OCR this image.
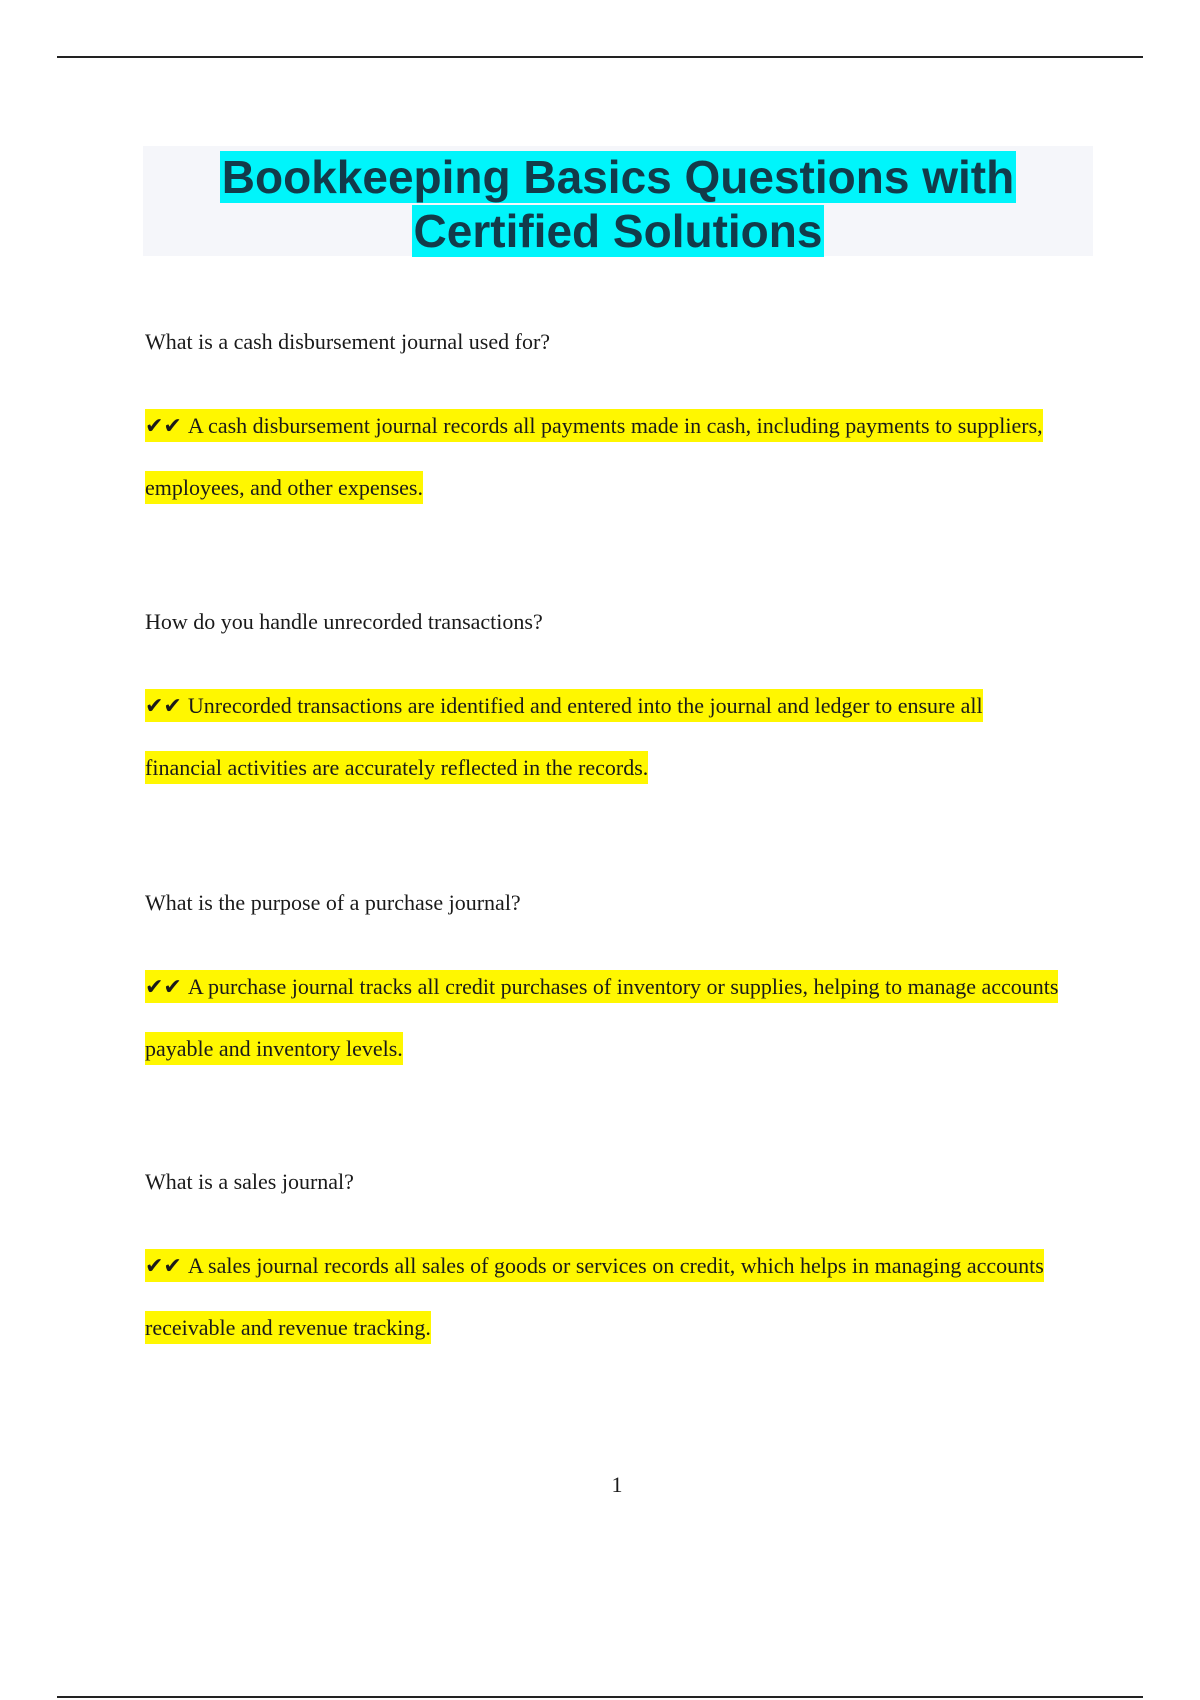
Bookkeeping Basics Questions with Certified Solutions

What is a cash disbursement journal used for?

✔✔ A cash disbursement journal records all payments made in cash, including payments to suppliers, employees, and other expenses.

How do you handle unrecorded transactions?

✔✔ Unrecorded transactions are identified and entered into the journal and ledger to ensure all financial activities are accurately reflected in the records.

What is the purpose of a purchase journal?

✔✔ A purchase journal tracks all credit purchases of inventory or supplies, helping to manage accounts payable and inventory levels.

What is a sales journal?

✔✔ A sales journal records all sales of goods or services on credit, which helps in managing accounts receivable and revenue tracking.

1
